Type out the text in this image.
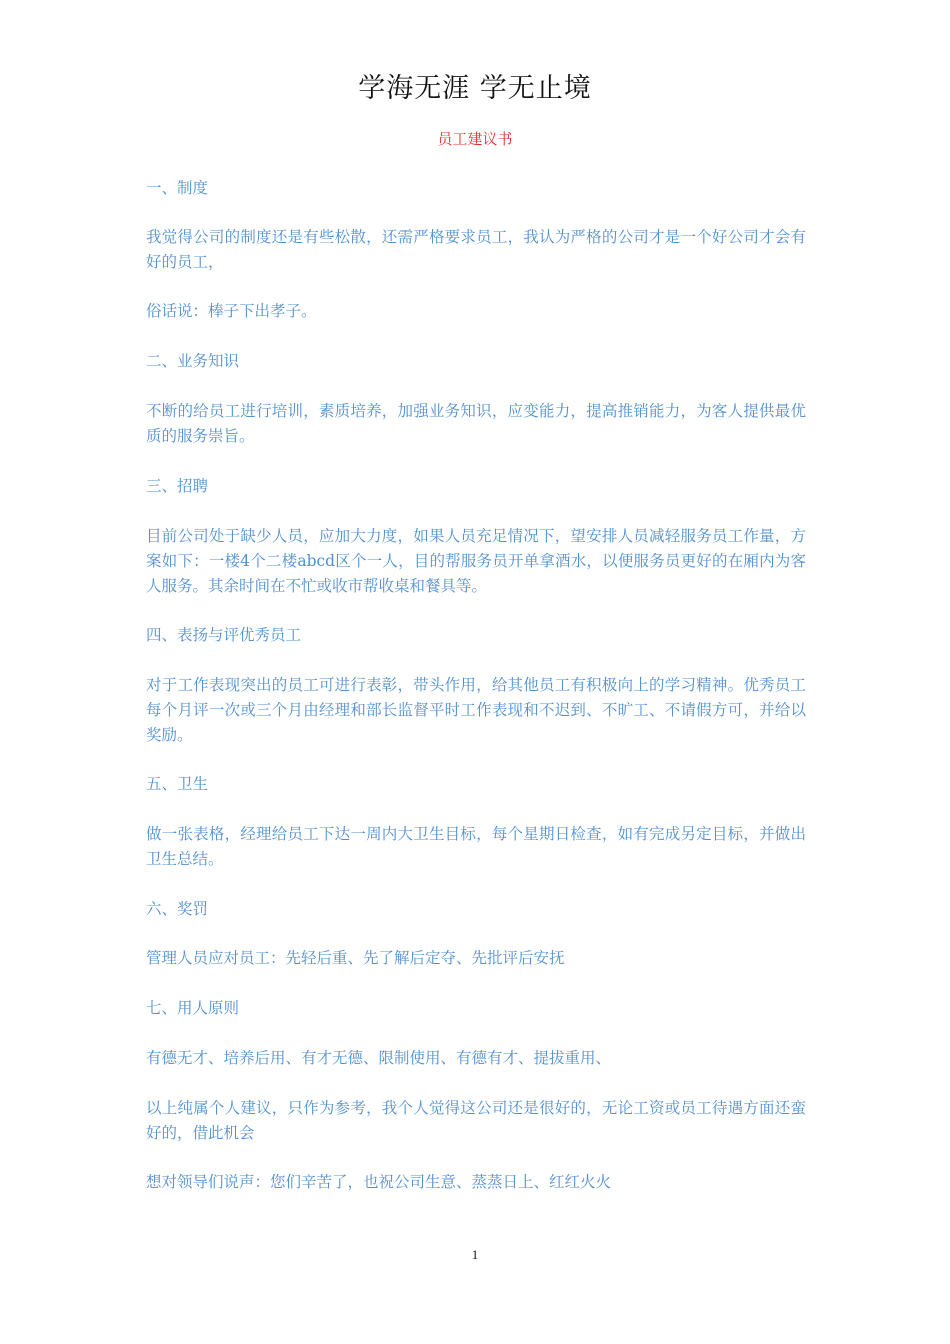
学海无涯 学无止境
员工建议书

一、制度

我觉得公司的制度还是有些松散，还需严格要求员工，我认为严格的公司才是一个好公司才会有好的员工，

俗话说：棒子下出孝子。

二、业务知识

不断的给员工进行培训，素质培养，加强业务知识，应变能力，提高推销能力，为客人提供最优质的服务崇旨。

三、招聘

目前公司处于缺少人员，应加大力度，如果人员充足情况下，望安排人员减轻服务员工作量，方案如下：一楼4个二楼abcd区个一人，目的帮服务员开单拿酒水，以便服务员更好的在厢内为客人服务。其余时间在不忙或收市帮收桌和餐具等。

四、表扬与评优秀员工

对于工作表现突出的员工可进行表彰，带头作用，给其他员工有积极向上的学习精神。优秀员工每个月评一次或三个月由经理和部长监督平时工作表现和不迟到、不旷工、不请假方可，并给以奖励。

五、卫生

做一张表格，经理给员工下达一周内大卫生目标，每个星期日检查，如有完成另定目标，并做出卫生总结。

六、奖罚

管理人员应对员工：先轻后重、先了解后定夺、先批评后安抚

七、用人原则

有德无才、培养后用、有才无德、限制使用、有德有才、提拔重用、

以上纯属个人建议，只作为参考，我个人觉得这公司还是很好的，无论工资或员工待遇方面还蛮好的，借此机会

想对领导们说声：您们辛苦了，也祝公司生意、蒸蒸日上、红红火火

1
